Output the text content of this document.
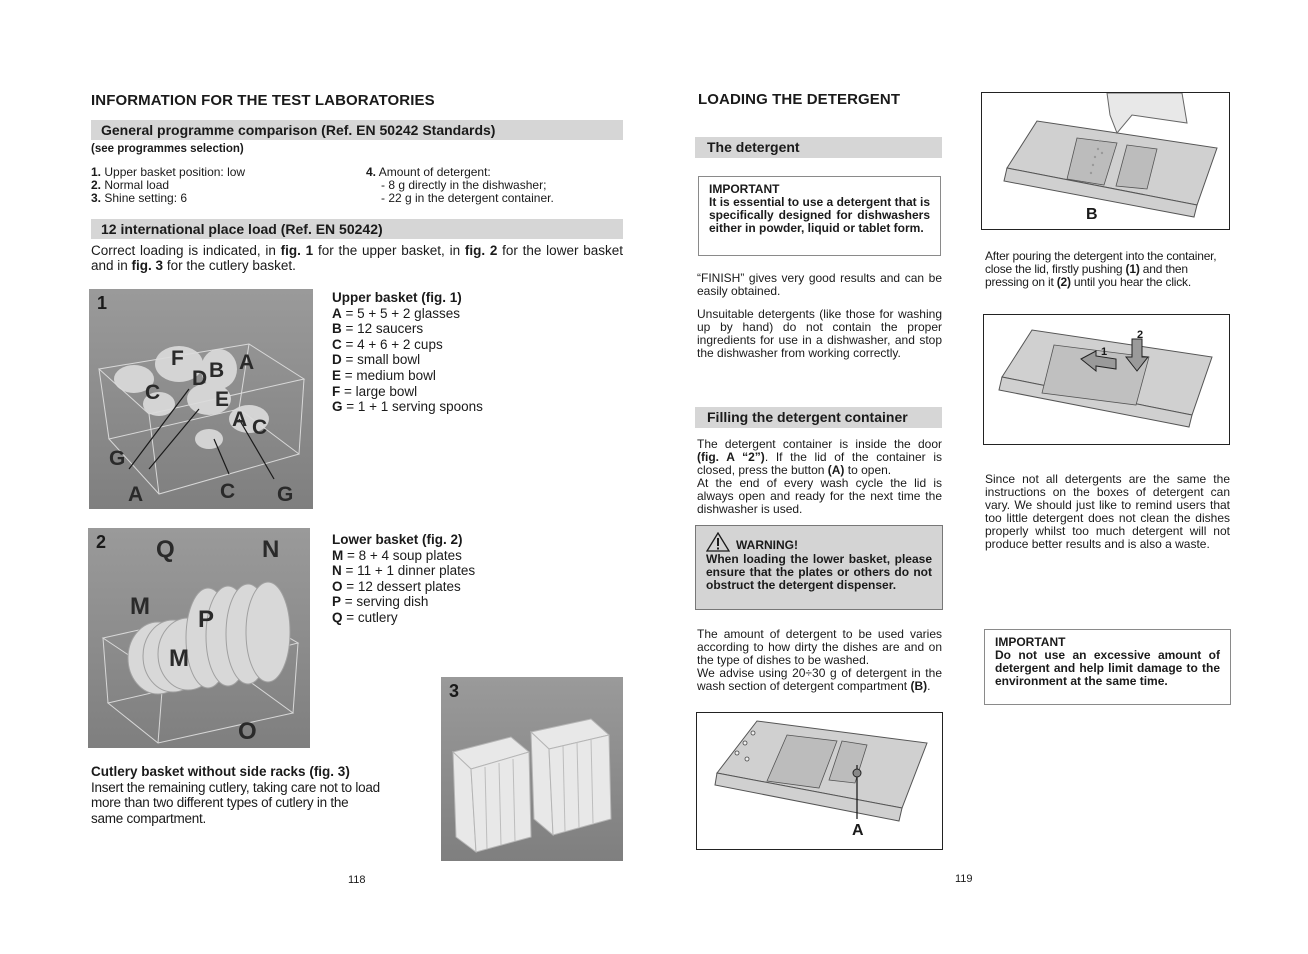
INFORMATION FOR THE TEST LABORATORIES
General programme comparison (Ref. EN 50242 Standards)
(see programmes selection)
1. Upper basket position: low
2. Normal load
3. Shine setting: 6
4. Amount of detergent:
- 8 g directly in the dishwasher;
- 22 g in the detergent container.
12 international place load (Ref. EN 50242)
Correct loading is indicated, in fig. 1 for the upper basket, in fig. 2 for the lower basket and in fig. 3 for the cutlery basket.
1
F
B A
D
C	E
A C
G
A	C G
Upper basket (fig. 1)
A = 5 + 5 + 2 glasses
B = 12 saucers
C = 4 + 6 + 2 cups
D = small bowl
E = medium bowl
F = large bowl
G = 1 + 1 serving spoons
2 Q	N
M P
M
O
Lower basket (fig. 2)
M = 8 + 4 soup plates
N = 11 + 1 dinner plates
O = 12 dessert plates
P = serving dish
Q = cutlery
3
Cutlery basket without side racks (fig. 3)
Insert the remaining cutlery, taking care not to load more than two different types of cutlery in the same compartment.
118
LOADING THE DETERGENT
The detergent
IMPORTANT
It is essential to use a detergent that is specifically designed for dishwashers either in powder, liquid or tablet form.
“FINISH” gives very good results and can be easily obtained.
Unsuitable detergents (like those for washing up by hand) do not contain the proper ingredients for use in a dishwasher, and stop the dishwasher from working correctly.
Filling the detergent container
The detergent container is inside the door (fig. A “2”). If the lid of the container is closed, press the button (A) to open.
At the end of every wash cycle the lid is always open and ready for the next time the dishwasher is used.
WARNING!
When loading the lower basket, please ensure that the plates or others do not obstruct the detergent dispenser.
The amount of detergent to be used varies according to how dirty the dishes are and on the type of dishes to be washed.
We advise using 20÷30 g of detergent in the wash section of detergent compartment (B).
A
B
After pouring the detergent into the container, close the lid, firstly pushing (1) and then pressing on it (2) until you hear the click.
1
2
Since not all detergents are the same the instructions on the boxes of detergent can vary. We should just like to remind users that too little detergent does not clean the dishes properly whilst too much detergent will not produce better results and is also a waste.
IMPORTANT
Do not use an excessive amount of detergent and help limit damage to the environment at the same time.
119
